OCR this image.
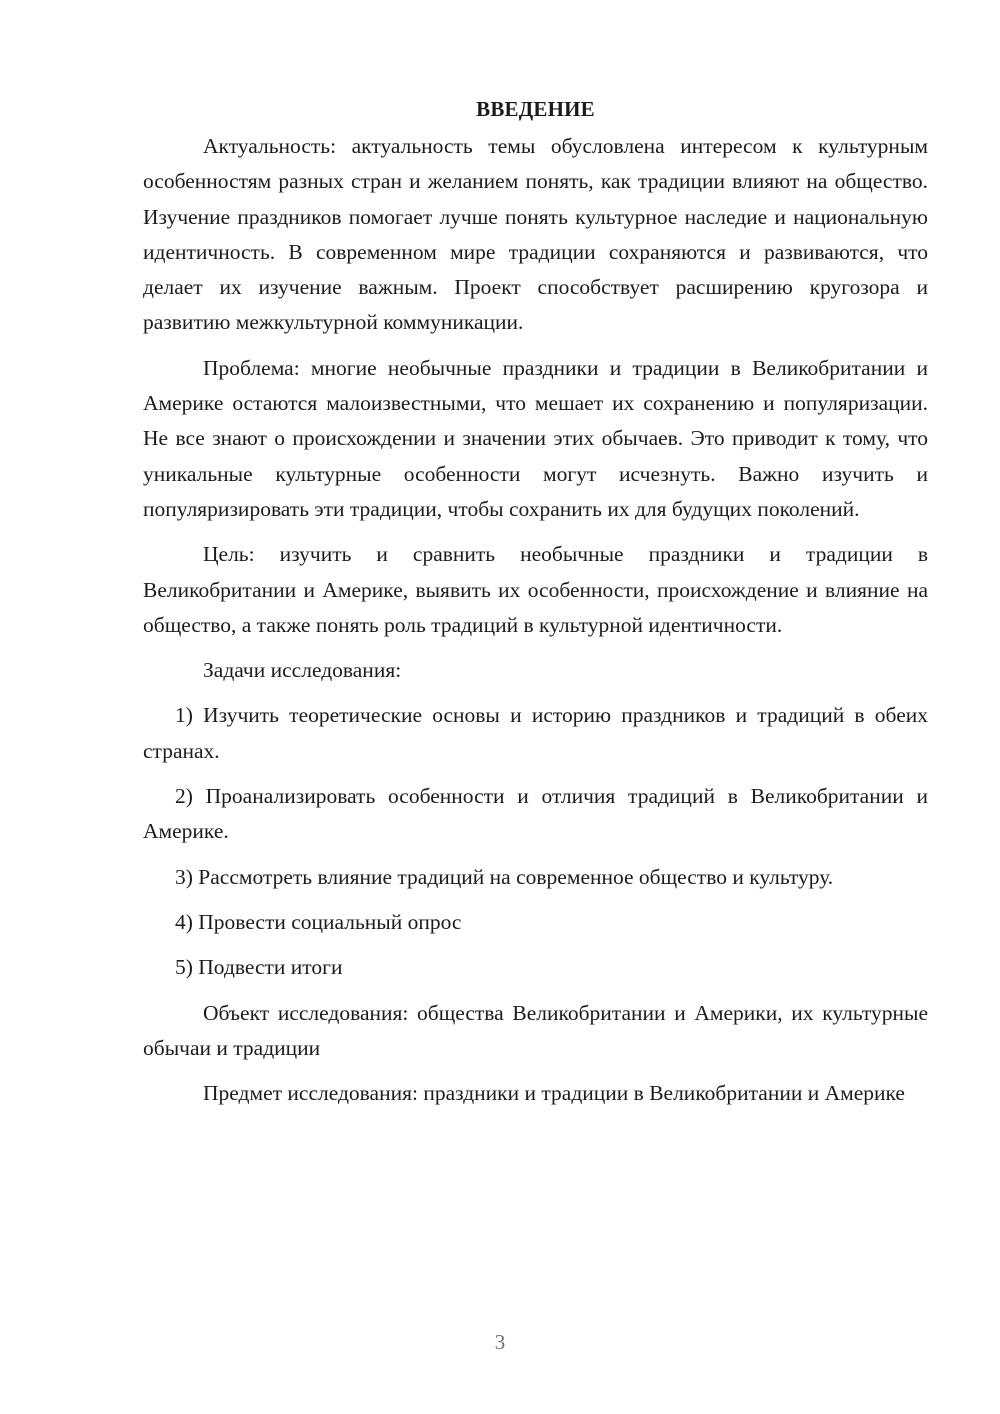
ВВЕДЕНИЕ

Актуальность: актуальность темы обусловлена интересом к культурным особенностям разных стран и желанием понять, как традиции влияют на общество. Изучение праздников помогает лучше понять культурное наследие и национальную идентичность. В современном мире традиции сохраняются и развиваются, что делает их изучение важным. Проект способствует расширению кругозора и развитию межкультурной коммуникации.

Проблема: многие необычные праздники и традиции в Великобритании и Америке остаются малоизвестными, что мешает их сохранению и популяризации. Не все знают о происхождении и значении этих обычаев. Это приводит к тому, что уникальные культурные особенности могут исчезнуть. Важно изучить и популяризировать эти традиции, чтобы сохранить их для будущих поколений.

Цель: изучить и сравнить необычные праздники и традиции в Великобритании и Америке, выявить их особенности, происхождение и влияние на общество, а также понять роль традиций в культурной идентичности.

Задачи исследования:

1) Изучить теоретические основы и историю праздников и традиций в обеих странах.

2) Проанализировать особенности и отличия традиций в Великобритании и Америке.

3) Рассмотреть влияние традиций на современное общество и культуру.

4) Провести социальный опрос

5) Подвести итоги

Объект исследования: общества Великобритании и Америки, их культурные обычаи и традиции

Предмет исследования: праздники и традиции в Великобритании и Америке

3
